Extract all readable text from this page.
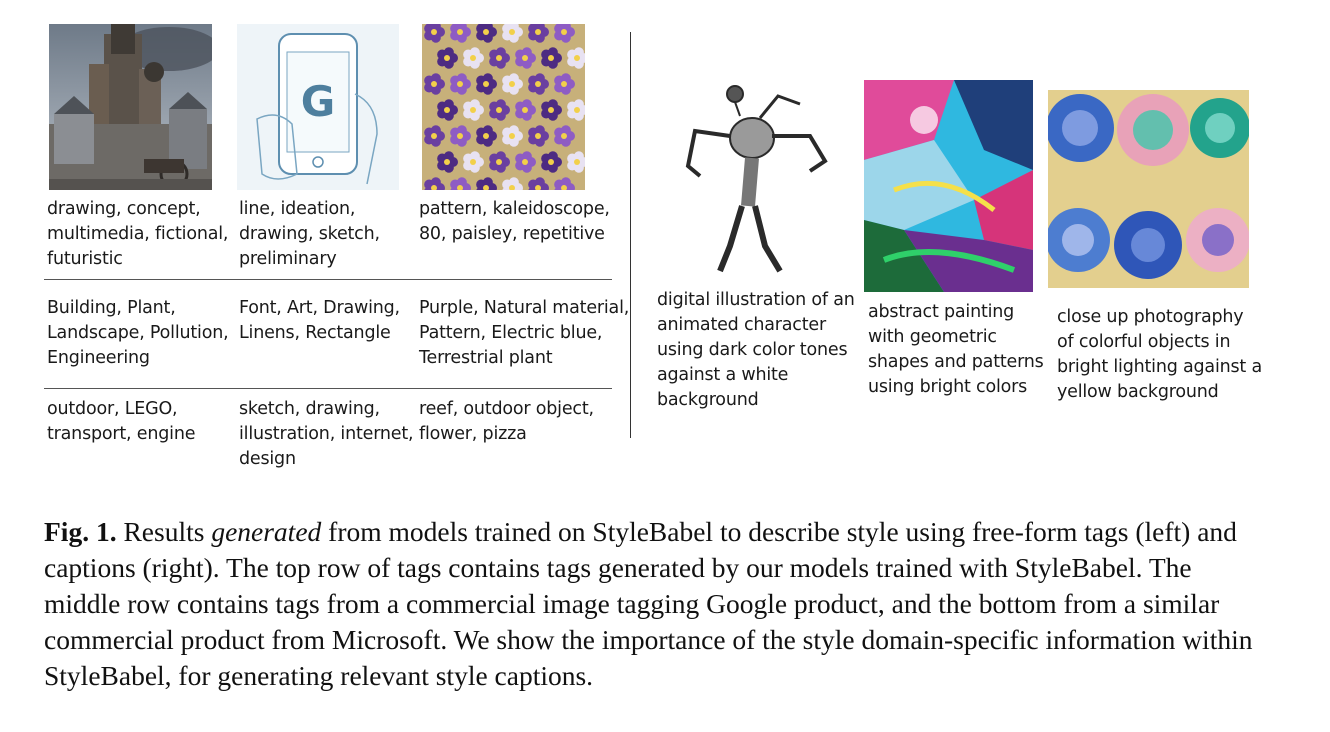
G
drawing, concept,
multimedia, fictional,
futuristic
line, ideation,
drawing, sketch,
preliminary
pattern, kaleidoscope,
80, paisley, repetitive
Building, Plant,
Landscape, Pollution,
Engineering
Font, Art, Drawing,
Linens, Rectangle
Purple, Natural material,
Pattern, Electric blue,
Terrestrial plant
outdoor, LEGO,
transport, engine
sketch, drawing,
illustration, internet,
design
reef, outdoor object,
flower, pizza
digital illustration of an
animated character
using dark color tones
against a white
background
abstract painting
with geometric
shapes and patterns
using bright colors
close up photography
of colorful objects in
bright lighting against a
yellow background
Fig. 1. Results generated from models trained on StyleBabel to describe style using free-form tags (left) and captions (right). The top row of tags contains tags generated by our models trained with StyleBabel. The middle row contains tags from a commercial image tagging Google product, and the bottom from a similar commercial product from Microsoft. We show the importance of the style domain-specific information within StyleBabel, for generating relevant style captions.
